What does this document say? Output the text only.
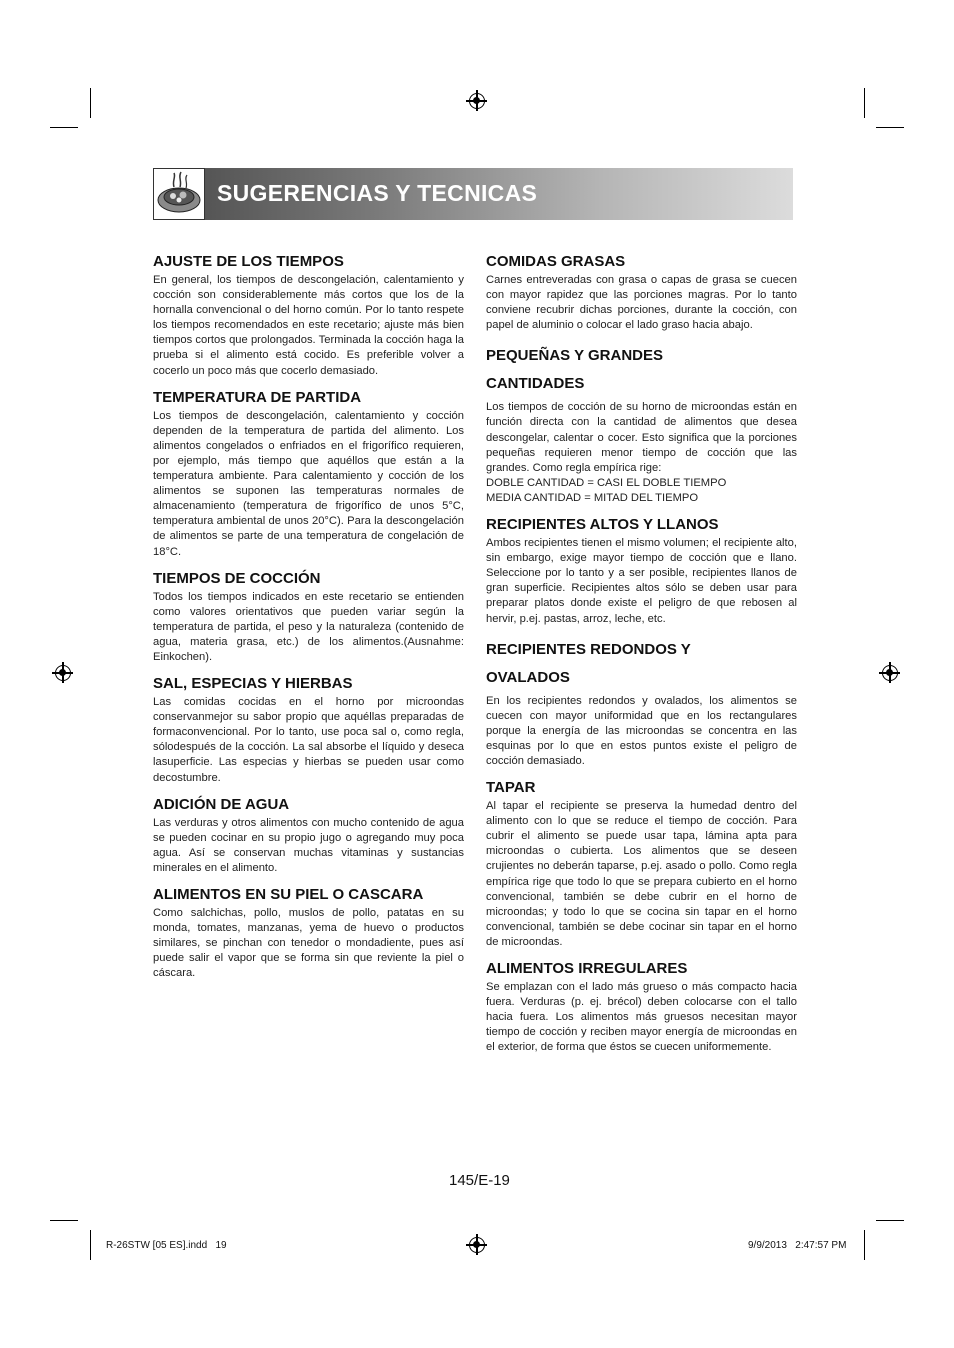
SUGERENCIAS Y TECNICAS
AJUSTE DE LOS TIEMPOS

En general, los tiempos de descongelación, calentamiento y cocción son considerablemente más cortos que los de la hornalla convencional o del horno común. Por lo tanto respete los tiempos recomendados en este recetario; ajuste más bien tiempos cortos que prolongados. Terminada la cocción haga la prueba si el alimento está cocido. Es preferible volver a cocerlo un poco más que cocerlo demasiado.

TEMPERATURA DE PARTIDA

Los tiempos de descongelación, calentamiento y cocción dependen de la temperatura de partida del alimento. Los alimentos congelados o enfriados en el frigorífico requieren, por ejemplo, más tiempo que aquéllos que están a la temperatura ambiente. Para calentamiento y cocción de los alimentos se suponen las temperaturas normales de almacenamiento (temperatura de frigorífico de unos 5°C, temperatura ambiental de unos 20°C). Para la descongelación de alimentos se parte de una temperatura de congelación de 18°C.

TIEMPOS DE COCCIÓN

Todos los tiempos indicados en este recetario se entienden como valores orientativos que pueden variar según la temperatura de partida, el peso y la naturaleza (contenido de agua, materia grasa, etc.) de los alimentos.(Ausnahme: Einkochen).

SAL, ESPECIAS Y HIERBAS

Las comidas cocidas en el horno por microondas conservanmejor su sabor propio que aquéllas preparadas de formaconvencional. Por lo tanto, use poca sal o, como regla, sólodespués de la cocción. La sal absorbe el líquido y deseca lasuperficie. Las especias y hierbas se pueden usar como decostumbre.

ADICIÓN DE AGUA

Las verduras y otros alimentos con mucho contenido de agua se pueden cocinar en su propio jugo o agregando muy poca agua. Así se conservan muchas vitaminas y sustancias minerales en el alimento.

ALIMENTOS EN SU PIEL O CASCARA

Como salchichas, pollo, muslos de pollo, patatas en su monda, tomates, manzanas, yema de huevo o productos similares, se pinchan con tenedor o mondadiente, pues así puede salir el vapor que se forma sin que reviente la piel o cáscara.

COMIDAS GRASAS

Carnes entreveradas con grasa o capas de grasa se cuecen con mayor rapidez que las porciones magras. Por lo tanto conviene recubrir dichas porciones, durante la cocción, con papel de aluminio o colocar el lado graso hacia abajo.

PEQUEÑAS Y GRANDES
CANTIDADES

Los tiempos de cocción de su horno de microondas están en función directa con la cantidad de alimentos que desea descongelar, calentar o cocer. Esto significa que la porciones pequeñas requieren menor tiempo de cocción que las grandes. Como regla empírica rige:

DOBLE CANTIDAD = CASI EL DOBLE TIEMPO

MEDIA CANTIDAD = MITAD DEL TIEMPO

RECIPIENTES ALTOS Y LLANOS

Ambos recipientes tienen el mismo volumen; el recipiente alto, sin embargo, exige mayor tiempo de cocción que e llano. Seleccione por lo tanto y a ser posible, recipientes llanos de gran superficie. Recipientes altos sólo se deben usar para preparar platos donde existe el peligro de que rebosen al hervir, p.ej. pastas, arroz, leche, etc.

RECIPIENTES REDONDOS Y
OVALADOS

En los recipientes redondos y ovalados, los alimentos se cuecen con mayor uniformidad que en los rectangulares porque la energía de las microondas se concentra en las esquinas por lo que en estos puntos existe el peligro de cocción demasiado.

TAPAR

Al tapar el recipiente se preserva la humedad dentro del alimento con lo que se reduce el tiempo de cocción. Para cubrir el alimento se puede usar tapa, lámina apta para microondas o cubierta. Los alimentos que se deseen crujientes no deberán taparse, p.ej. asado o pollo. Como regla empírica rige que todo lo que se prepara cubierto en el horno convencional, también se debe cubrir en el horno de microondas; y todo lo que se cocina sin tapar en el horno convencional, también se debe cocinar sin tapar en el horno de microondas.

ALIMENTOS IRREGULARES

Se emplazan con el lado más grueso o más compacto hacia fuera. Verduras (p. ej. brécol) deben colocarse con el tallo hacia fuera. Los alimentos más gruesos necesitan mayor tiempo de cocción y reciben mayor energía de microondas en el exterior, de forma que éstos se cuecen uniformemente.

145/E-19
R-26STW [05 ES].indd   19	9/9/2013   2:47:57 PM
